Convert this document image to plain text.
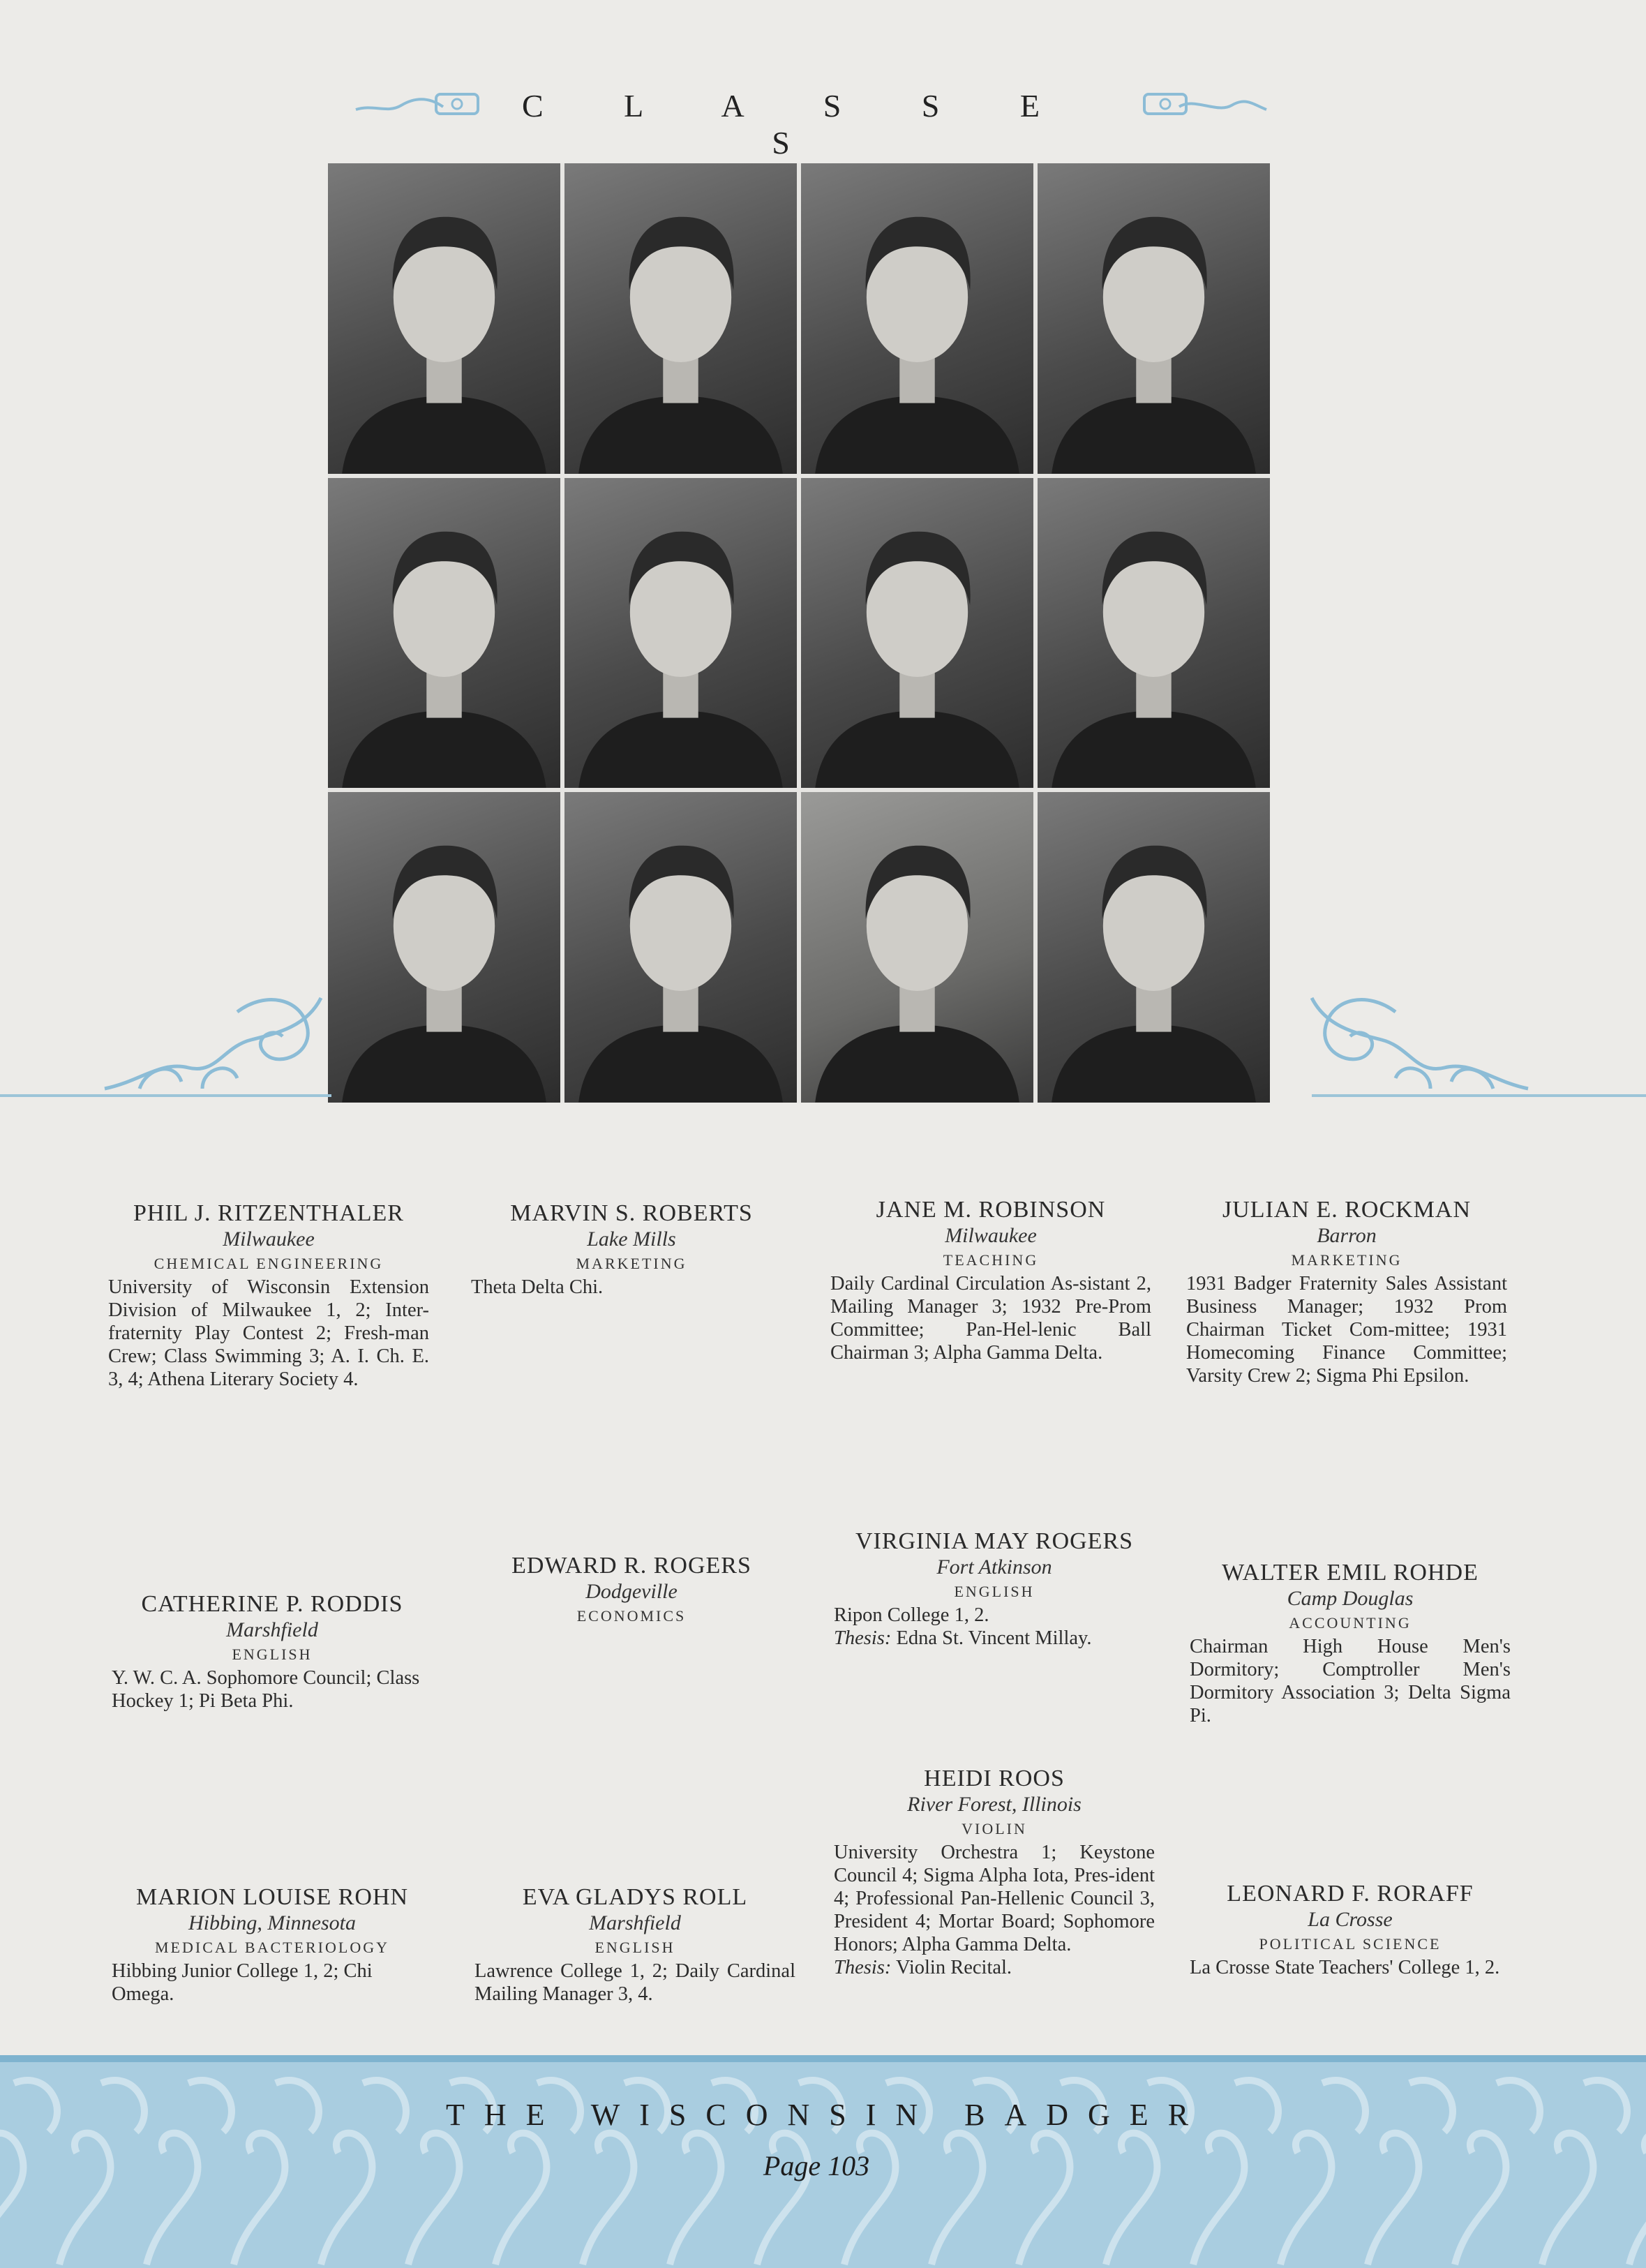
C L A S S E S
PHIL J. RITZENTHALER
Milwaukee
CHEMICAL ENGINEERING
University of Wisconsin Extension Division of Milwaukee 1, 2; Inter-fraternity Play Contest 2; Fresh-man Crew; Class Swimming 3; A. I. Ch. E. 3, 4; Athena Literary Society 4.
MARVIN S. ROBERTS
Lake Mills
MARKETING
Theta Delta Chi.
JANE M. ROBINSON
Milwaukee
TEACHING
Daily Cardinal Circulation As-sistant 2, Mailing Manager 3; 1932 Pre-Prom Committee; Pan-Hel-lenic Ball Chairman 3; Alpha Gamma Delta.
JULIAN E. ROCKMAN
Barron
MARKETING
1931 Badger Fraternity Sales Assistant Business Manager; 1932 Prom Chairman Ticket Com-mittee; 1931 Homecoming Finance Committee; Varsity Crew 2; Sigma Phi Epsilon.
CATHERINE P. RODDIS
Marshfield
ENGLISH
Y. W. C. A. Sophomore Council; Class Hockey 1; Pi Beta Phi.
EDWARD R. ROGERS
Dodgeville
ECONOMICS
VIRGINIA MAY ROGERS
Fort Atkinson
ENGLISH
Ripon College 1, 2.
Thesis: Edna St. Vincent Millay.
WALTER EMIL ROHDE
Camp Douglas
ACCOUNTING
Chairman High House Men's Dormitory; Comptroller Men's Dormitory Association 3; Delta Sigma Pi.
HEIDI ROOS
River Forest, Illinois
VIOLIN
University Orchestra 1; Keystone Council 4; Sigma Alpha Iota, Pres-ident 4; Professional Pan-Hellenic Council 3, President 4; Mortar Board; Sophomore Honors; Alpha Gamma Delta.
Thesis: Violin Recital.
MARION LOUISE ROHN
Hibbing, Minnesota
MEDICAL BACTERIOLOGY
Hibbing Junior College 1, 2; Chi Omega.
EVA GLADYS ROLL
Marshfield
ENGLISH
Lawrence College 1, 2; Daily Cardinal Mailing Manager 3, 4.
LEONARD F. RORAFF
La Crosse
POLITICAL SCIENCE
La Crosse State Teachers' College 1, 2.
THE WISCONSIN BADGER
Page 103
